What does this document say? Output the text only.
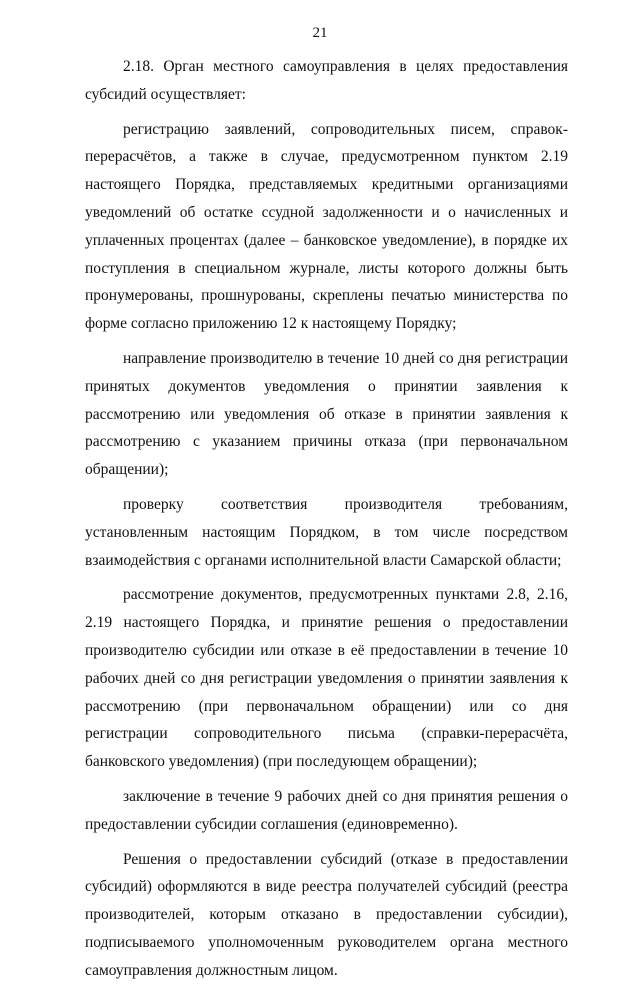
21

2.18. Орган местного самоуправления в целях предоставления субсидий осуществляет:

регистрацию заявлений, сопроводительных писем, справок-перерасчётов, а также в случае, предусмотренном пунктом 2.19 настоящего Порядка, представляемых кредитными организациями уведомлений об остатке ссудной задолженности и о начисленных и уплаченных процентах (далее – банковское уведомление), в порядке их поступления в специальном журнале, листы которого должны быть пронумерованы, прошнурованы, скреплены печатью министерства по форме согласно приложению 12 к настоящему Порядку;

направление производителю в течение 10 дней со дня регистрации принятых документов уведомления о принятии заявления к рассмотрению или уведомления об отказе в принятии заявления к рассмотрению с указанием причины отказа (при первоначальном обращении);

проверку соответствия производителя требованиям, установленным настоящим Порядком, в том числе посредством взаимодействия с органами исполнительной власти Самарской области;

рассмотрение документов, предусмотренных пунктами 2.8, 2.16, 2.19 настоящего Порядка, и принятие решения о предоставлении производителю субсидии или отказе в её предоставлении в течение 10 рабочих дней со дня регистрации уведомления о принятии заявления к рассмотрению (при первоначальном обращении) или со дня регистрации сопроводительного письма (справки-перерасчёта, банковского уведомления) (при последующем обращении);

заключение в течение 9 рабочих дней со дня принятия решения о предоставлении субсидии соглашения (единовременно).

Решения о предоставлении субсидий (отказе в предоставлении субсидий) оформляются в виде реестра получателей субсидий (реестра производителей, которым отказано в предоставлении субсидии), подписываемого уполномоченным руководителем органа местного самоуправления должностным лицом.
